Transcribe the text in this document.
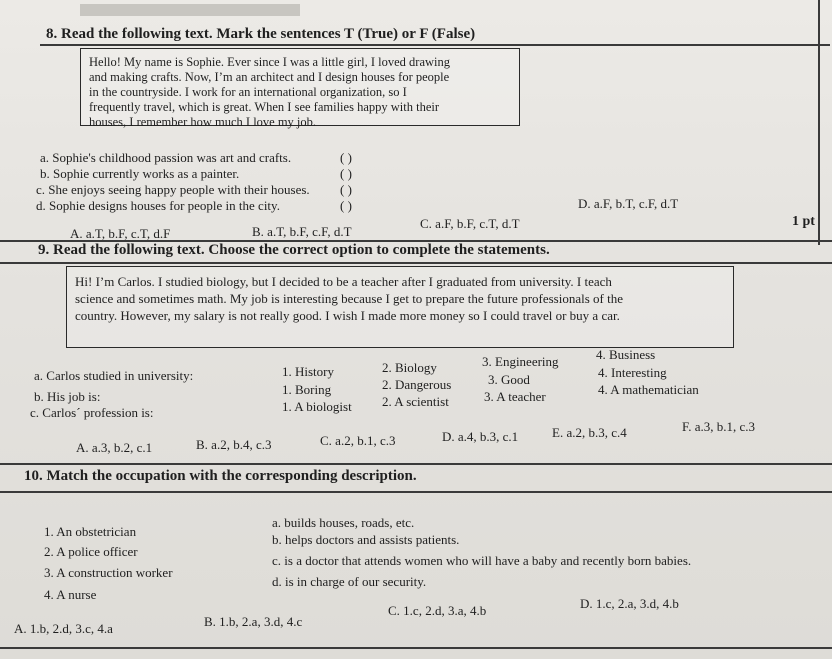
8. Read the following text. Mark the sentences T (True) or F (False)

Hello! My name is Sophie. Ever since I was a little girl, I loved drawing

and making crafts. Now, I’m an architect and I design houses for people

in the countryside. I work for an international organization, so I

frequently travel, which is great. When I see families happy with their

houses, I remember how much I love my job.

a. Sophie's childhood passion was art and crafts.	( )
b. Sophie currently works as a painter.	( )
c. She enjoys seeing happy people with their houses. ( )
d. Sophie designs houses for people in the city.	( )
A. a.T, b.F, c.T, d.F	B. a.T, b.F, c.F, d.T
C. a.F, b.F, c.T, d.T
D. a.F, b.T, c.F, d.T
1 pt
9. Read the following text. Choose the correct option to complete the statements.

Hi! I’m Carlos. I studied biology, but I decided to be a teacher after I graduated from university. I teach

science and sometimes math. My job is interesting because I get to prepare the future professionals of the

country. However, my salary is not really good. I wish I made more money so I could travel or buy a car.

a. Carlos studied in university:	1. History	2. Biology	3. Engineering	4. Business
b. His job is:	1. Boring	2. Dangerous	3. Good	4. Interesting
c. Carlos´ profession is:	1. A biologist 2. A scientist	3. A teacher	4. A mathematician
A. a.3, b.2, c.1	B. a.2, b.4, c.3	C. a.2, b.1, c.3	D. a.4, b.3, c.1	E. a.2, b.3, c.4	F. a.3, b.1, c.3
10. Match the occupation with the corresponding description.
1. An obstetrician
2. A police officer
3. A construction worker
4. A nurse
a. builds houses, roads, etc.
b. helps doctors and assists patients.
c. is a doctor that attends women who will have a baby and recently born babies.
d. is in charge of our security.
A. 1.b, 2.d, 3.c, 4.a	B. 1.b, 2.a, 3.d, 4.c
C. 1.c, 2.d, 3.a, 4.b	D. 1.c, 2.a, 3.d, 4.b
